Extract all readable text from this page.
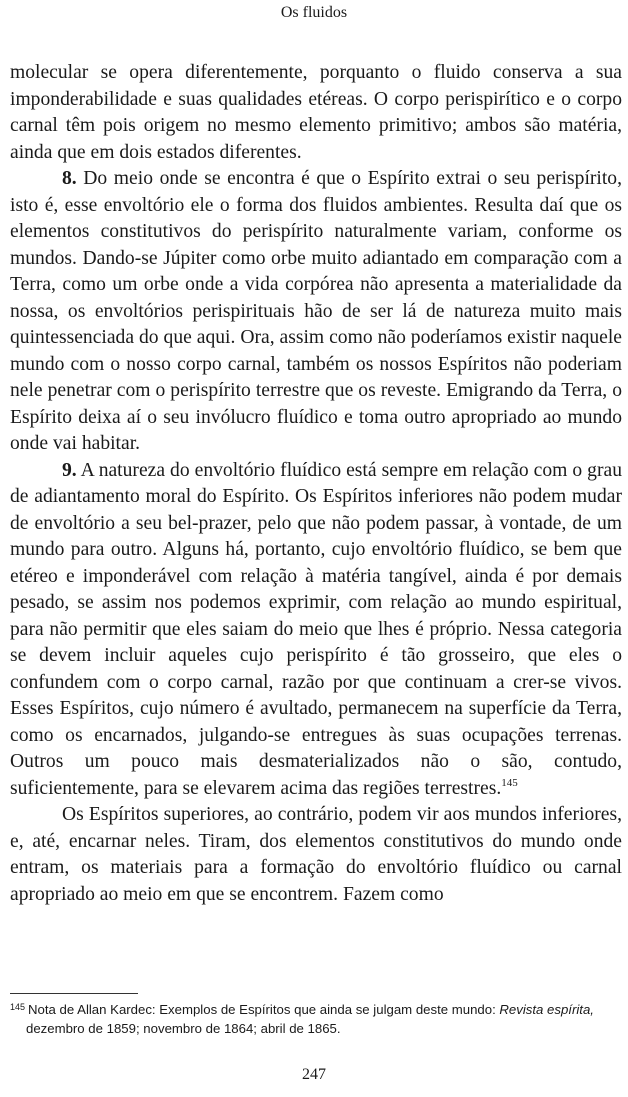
Os fluidos

molecular se opera diferentemente, porquanto o fluido conserva a sua imponderabilidade e suas qualidades etéreas. O corpo perispirítico e o corpo carnal têm pois origem no mesmo elemento primitivo; ambos são matéria, ainda que em dois estados diferentes.

8. Do meio onde se encontra é que o Espírito extrai o seu perispírito, isto é, esse envoltório ele o forma dos fluidos ambientes. Resulta daí que os elementos constitutivos do perispírito naturalmente variam, conforme os mundos. Dando-se Júpiter como orbe muito adiantado em comparação com a Terra, como um orbe onde a vida corpórea não apresenta a materialidade da nossa, os envoltórios perispirituais hão de ser lá de natureza muito mais quintessenciada do que aqui. Ora, assim como não poderíamos existir naquele mundo com o nosso corpo carnal, também os nossos Espíritos não poderiam nele penetrar com o perispírito terrestre que os reveste. Emigrando da Terra, o Espírito deixa aí o seu invólucro fluídico e toma outro apropriado ao mundo onde vai habitar.

9. A natureza do envoltório fluídico está sempre em relação com o grau de adiantamento moral do Espírito. Os Espíritos inferiores não podem mudar de envoltório a seu bel-prazer, pelo que não podem passar, à vontade, de um mundo para outro. Alguns há, portanto, cujo envoltório fluídico, se bem que etéreo e imponderável com relação à matéria tangível, ainda é por demais pesado, se assim nos podemos exprimir, com relação ao mundo espiritual, para não permitir que eles saiam do meio que lhes é próprio. Nessa categoria se devem incluir aqueles cujo perispírito é tão grosseiro, que eles o confundem com o corpo carnal, razão por que continuam a crer-se vivos. Esses Espíritos, cujo número é avultado, permanecem na superfície da Terra, como os encarnados, julgando-se entregues às suas ocupações terrenas. Outros um pouco mais desmaterializados não o são, contudo, suficientemente, para se elevarem acima das regiões terrestres.$^{145}$

Os Espíritos superiores, ao contrário, podem vir aos mundos inferiores, e, até, encarnar neles. Tiram, dos elementos constitutivos do mundo onde entram, os materiais para a formação do envoltório fluídico ou carnal apropriado ao meio em que se encontrem. Fazem como

$^{145}$ Nota de Allan Kardec: Exemplos de Espíritos que ainda se julgam deste mundo: Revista espírita,
dezembro de 1859; novembro de 1864; abril de 1865.
247
